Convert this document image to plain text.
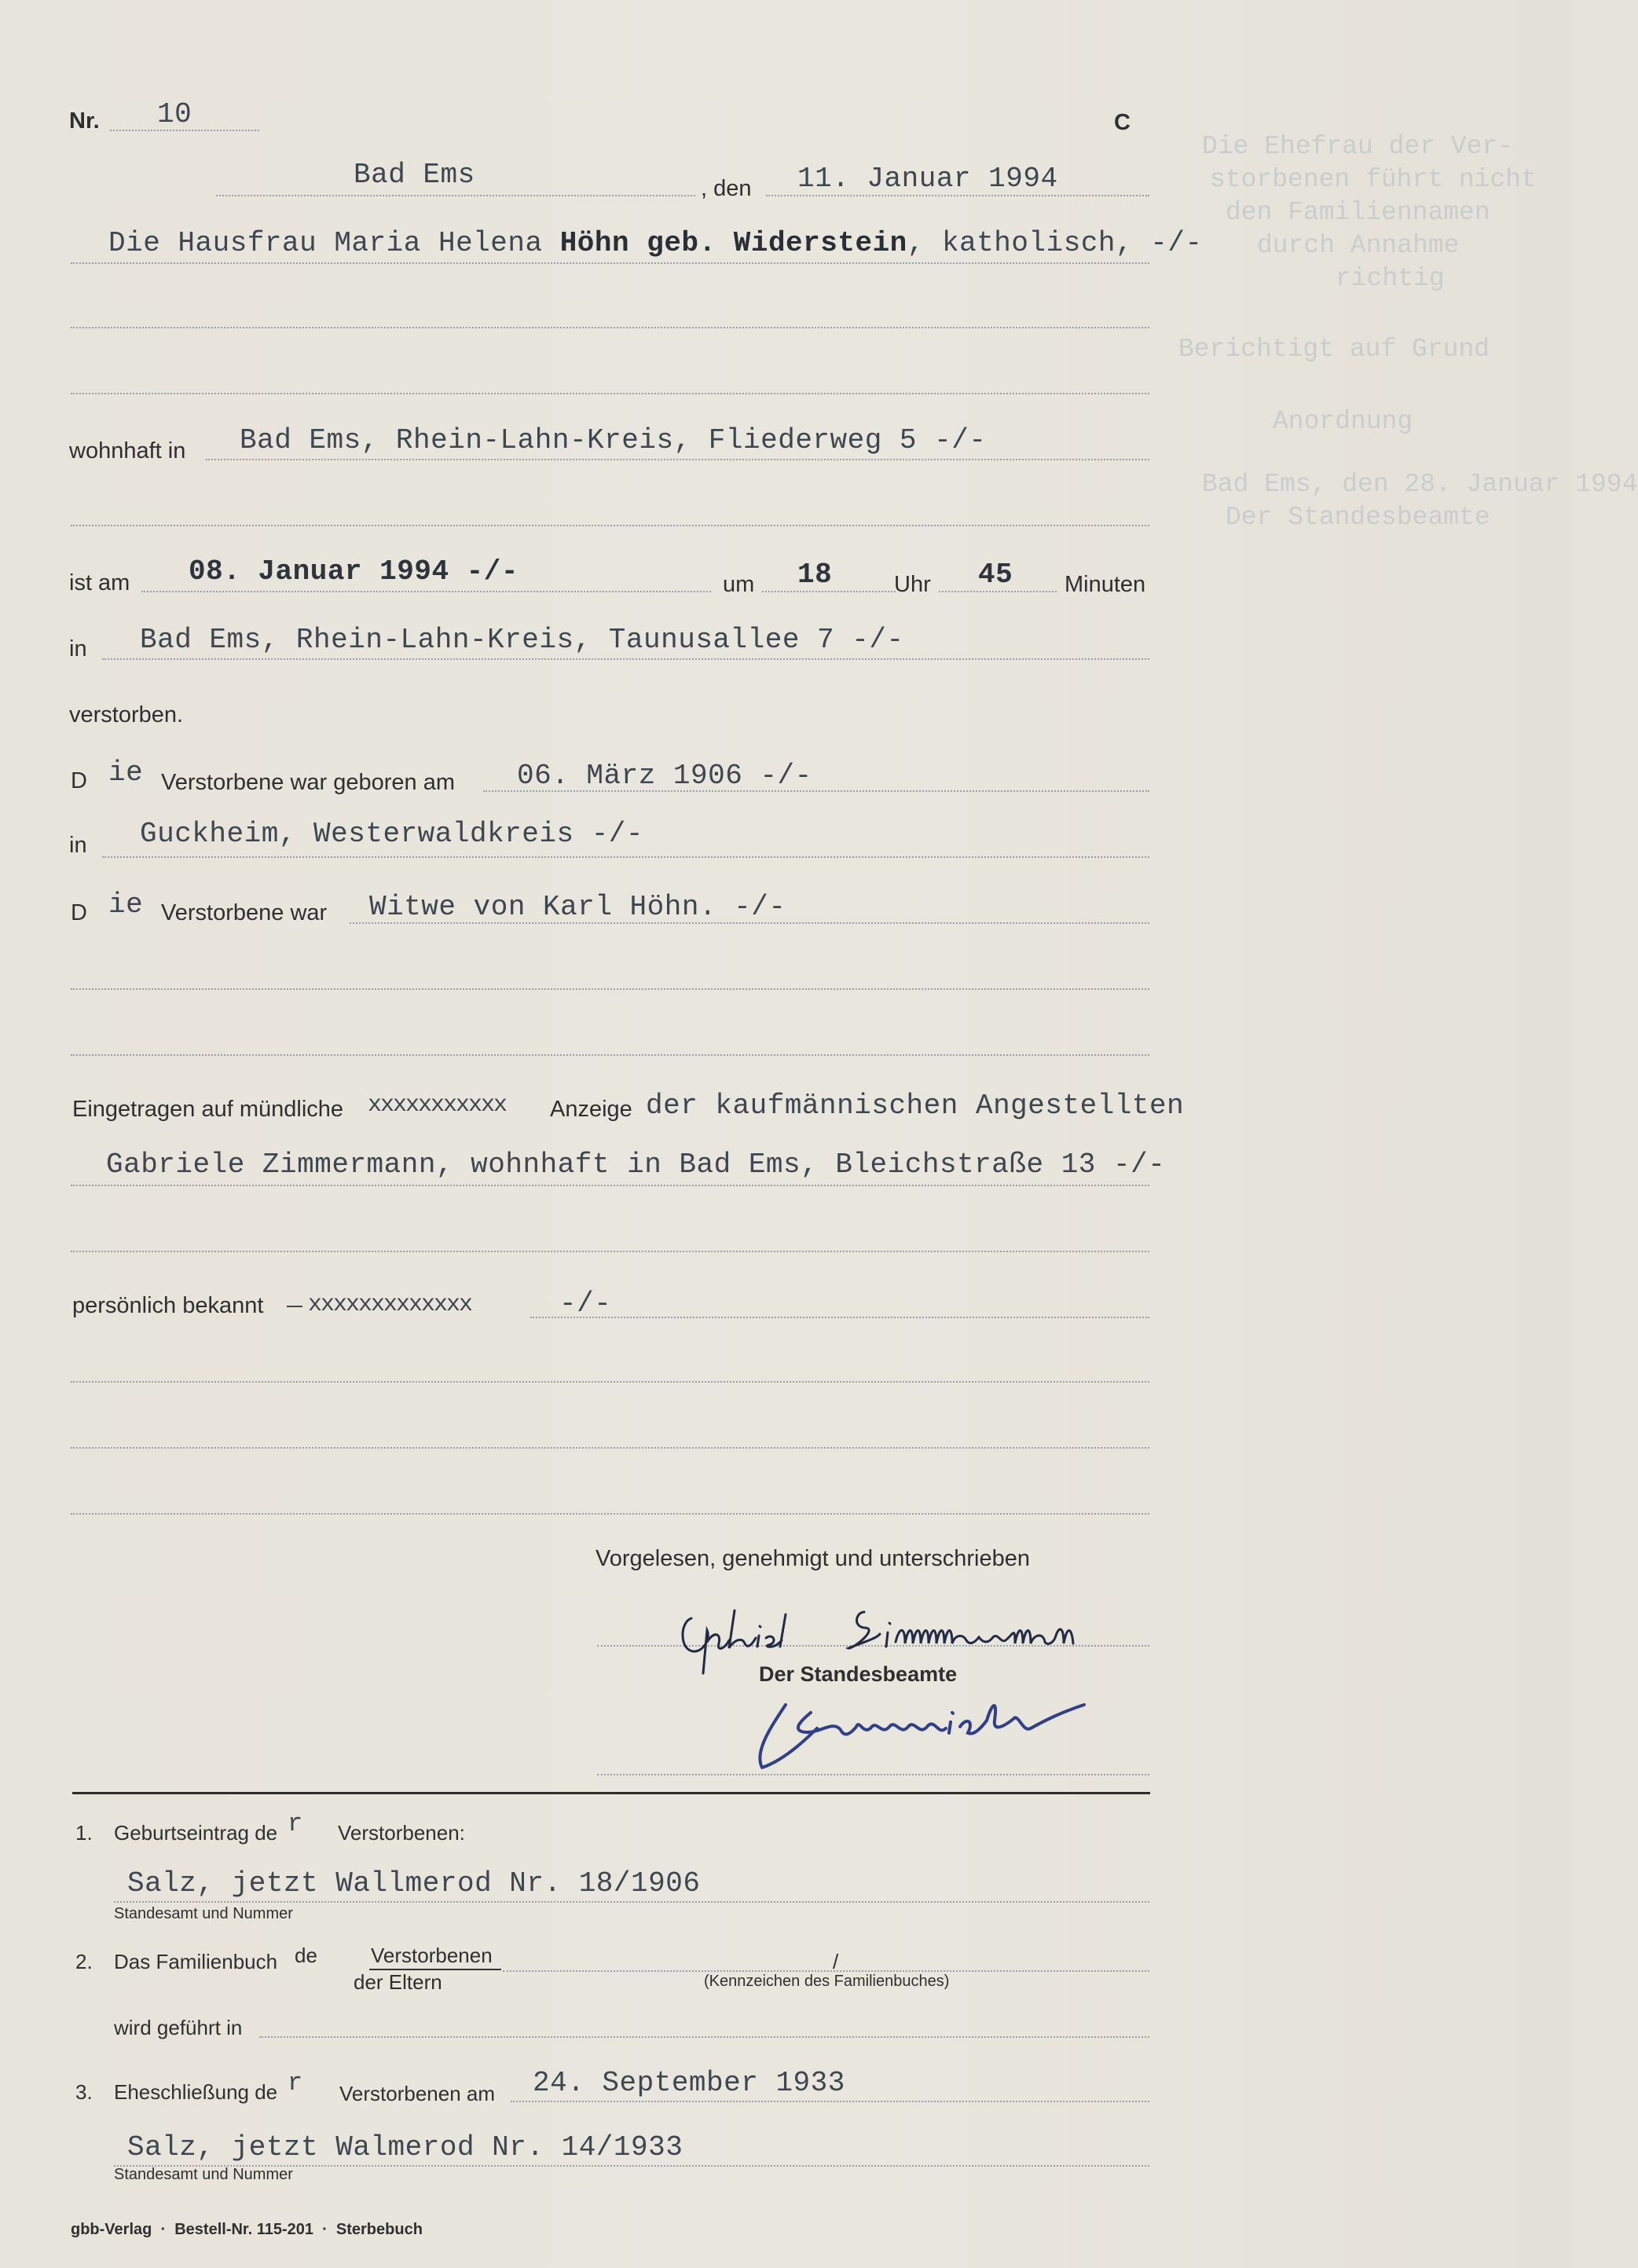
Die Ehefrau der Ver-
storbenen führt nicht
den Familiennamen
durch Annahme
richtig
Berichtigt auf Grund
Anordnung
Bad Ems, den 28. Januar 1994
Der Standesbeamte
Nr. 10	C
Bad Ems	, den 11. Januar 1994
Die Hausfrau Maria Helena Höhn geb. Widerstein, katholisch, -/-
wohnhaft in Bad Ems, Rhein-Lahn-Kreis, Fliederweg 5 -/-
ist am 08. Januar 1994 -/-	um 18	Uhr 45 Minuten
in Bad Ems, Rhein-Lahn-Kreis, Taunusallee 7 -/-
verstorben.
D ie Verstorbene war geboren am 06. März 1906 -/-
in Guckheim, Westerwaldkreis -/-
D ie Verstorbene war Witwe von Karl Höhn. -/-
Eingetragen auf mündliche xxxxxxxxxxx Anzeige der kaufmännischen Angestellten
Gabriele Zimmermann, wohnhaft in Bad Ems, Bleichstraße 13 -/-
persönlich bekannt xxxxxxxxxxxxx	-/-
Vorgelesen, genehmigt und unterschrieben
Der Standesbeamte
1. Geburtseintrag de r Verstorbenen:
Salz, jetzt Wallmerod Nr. 18/1906
Standesamt und Nummer
2. Das Familienbuch de	Verstorbenen
der Eltern
/
(Kennzeichen des Familienbuches)
wird geführt in
3. Eheschließung de r Verstorbenen am 24. September 1933
Salz, jetzt Walmerod Nr. 14/1933
Standesamt und Nummer
gbb-Verlag  ·  Bestell-Nr. 115-201  ·  Sterbebuch
